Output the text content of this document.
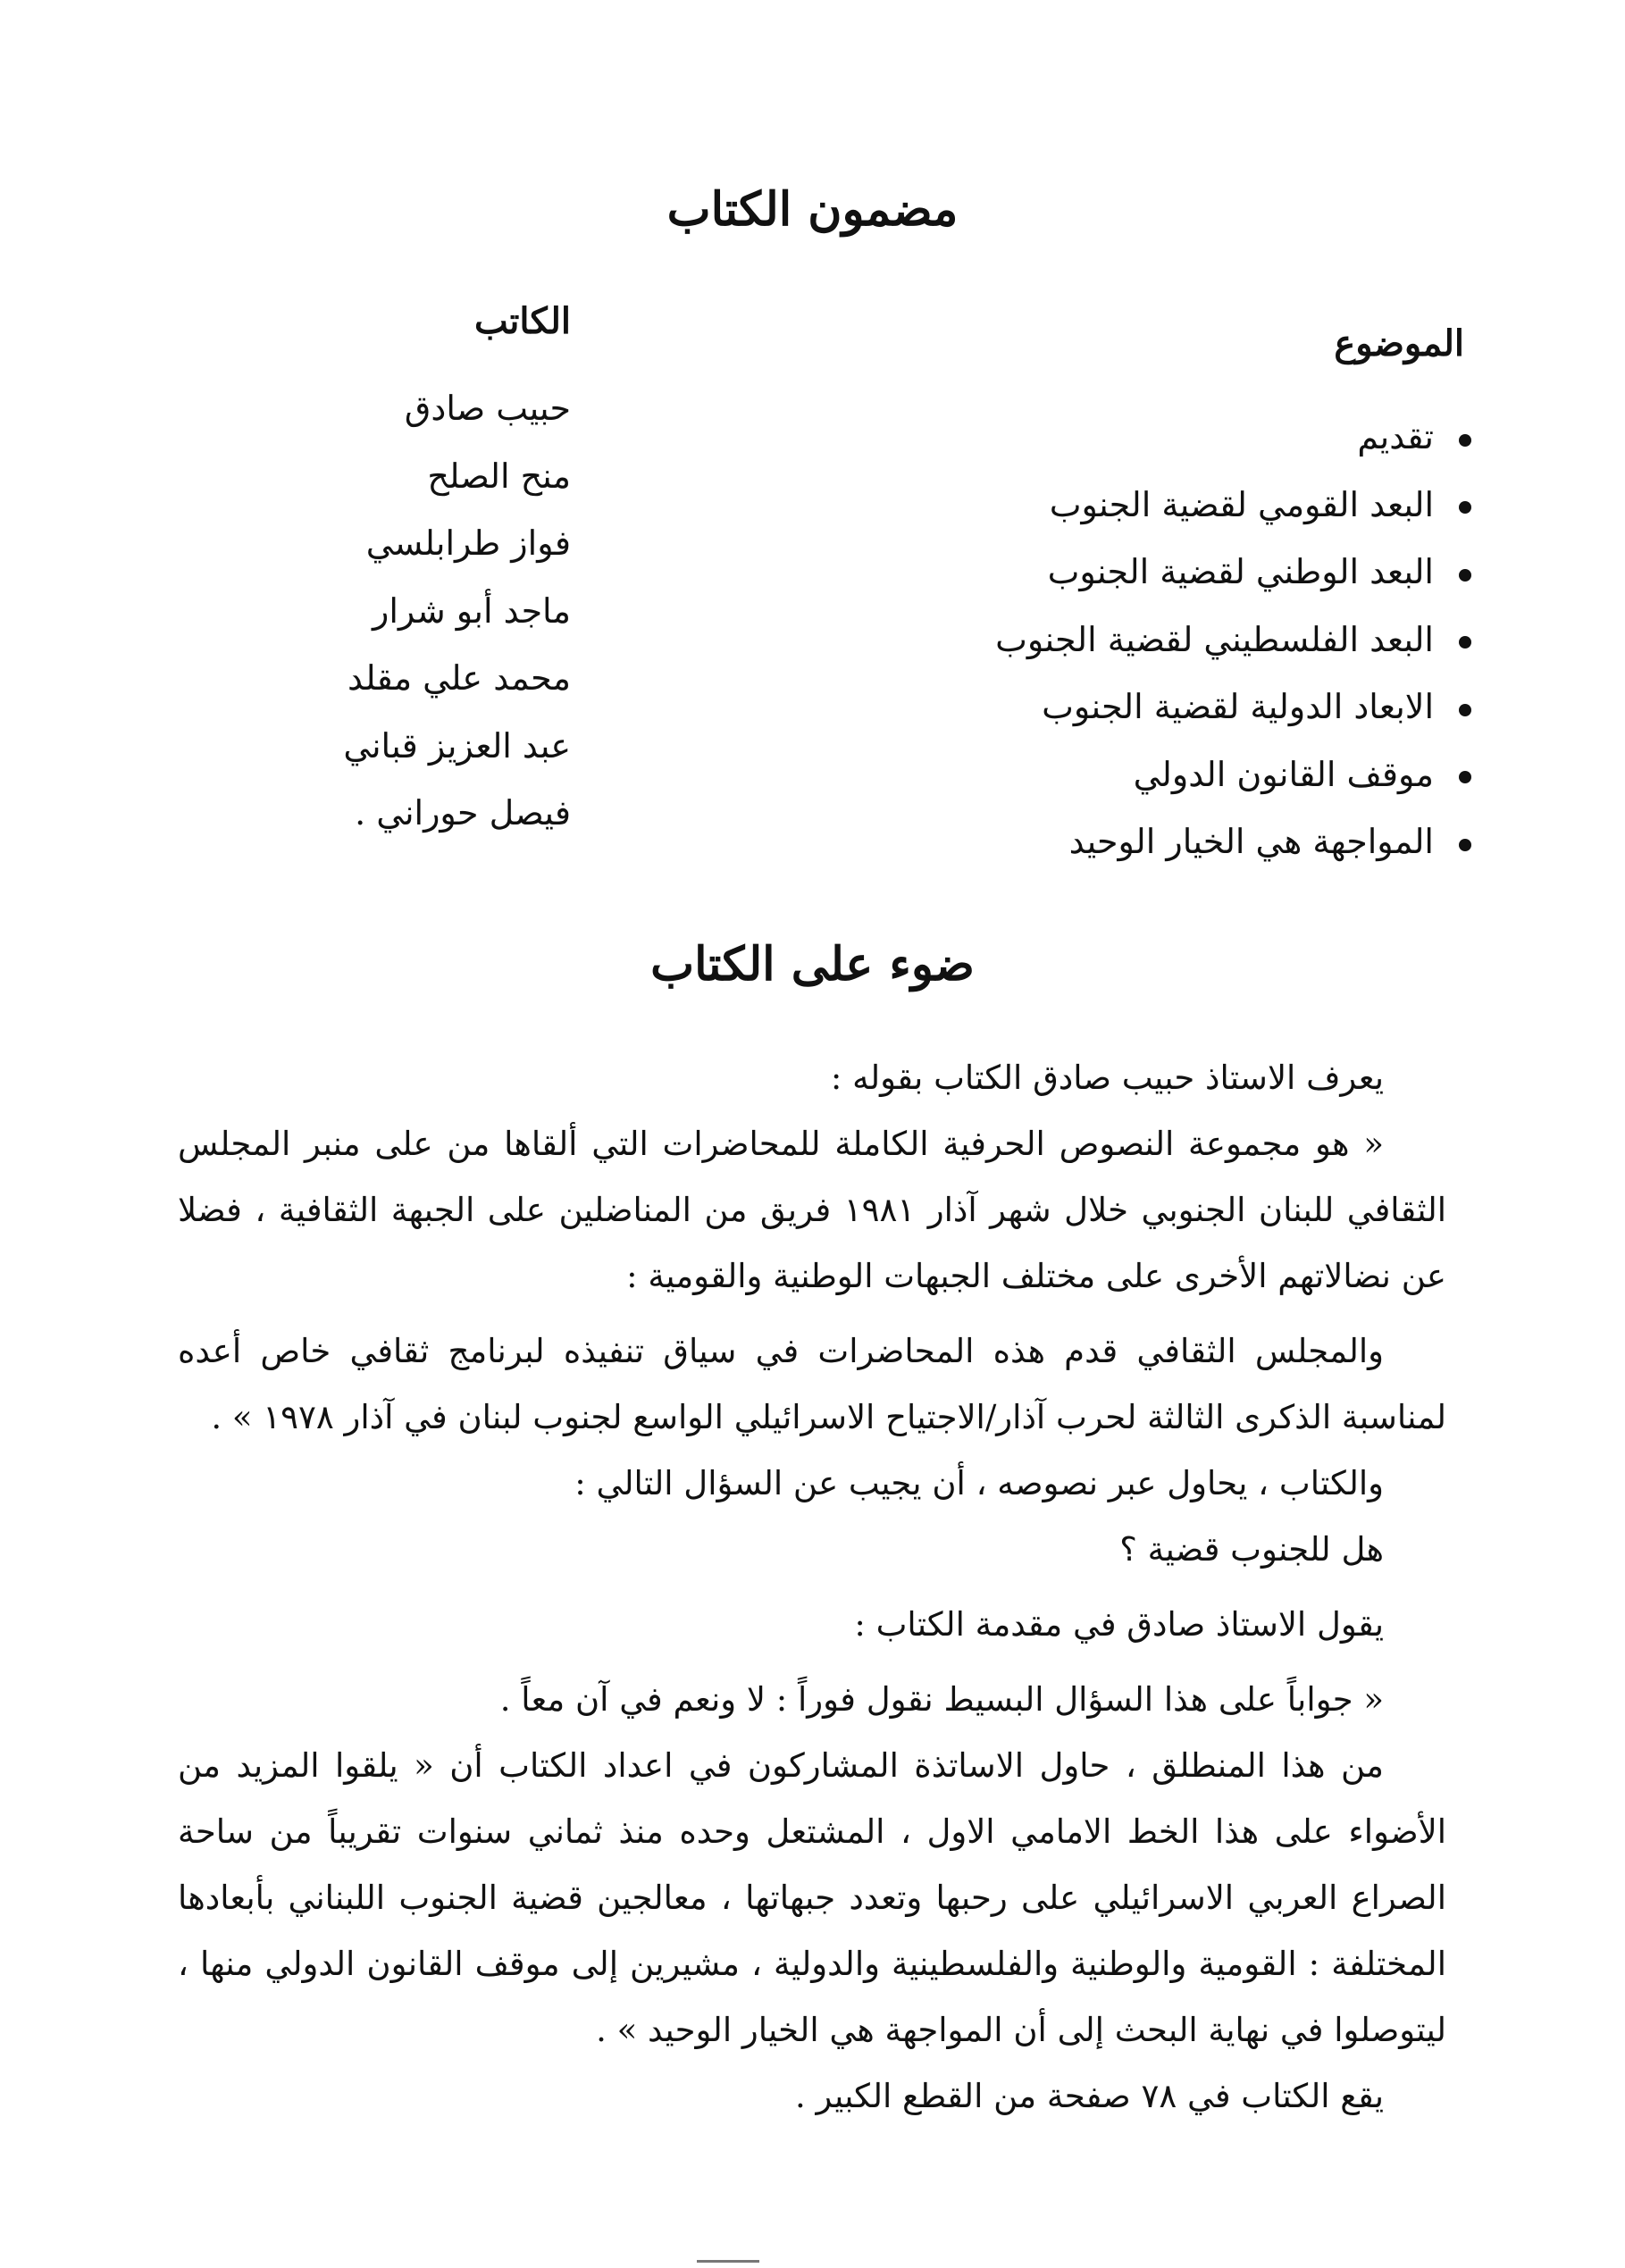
مضمون الكتاب
الموضوع
الكاتب
تقديم
البعد القومي لقضية الجنوب
البعد الوطني لقضية الجنوب
البعد الفلسطيني لقضية الجنوب
الابعاد الدولية لقضية الجنوب
موقف القانون الدولي
المواجهة هي الخيار الوحيد
حبيب صادق
منح الصلح
فواز طرابلسي
ماجد أبو شرار
محمد علي مقلد
عبد العزيز قباني
فيصل حوراني .
ضوء على الكتاب

يعرف الاستاذ حبيب صادق الكتاب بقوله :

« هو مجموعة النصوص الحرفية الكاملة للمحاضرات التي ألقاها من على منبر المجلس الثقافي للبنان الجنوبي خلال شهر آذار ١٩٨١ فريق من المناضلين على الجبهة الثقافية ، فضلا عن نضالاتهم الأخرى على مختلف الجبهات الوطنية والقومية :

والمجلس الثقافي قدم هذه المحاضرات في سياق تنفيذه لبرنامج ثقافي خاص أعده لمناسبة الذكرى الثالثة لحرب آذار/الاجتياح الاسرائيلي الواسع لجنوب لبنان في آذار ١٩٧٨ » .

والكتاب ، يحاول عبر نصوصه ، أن يجيب عن السؤال التالي :

هل للجنوب قضية ؟

يقول الاستاذ صادق في مقدمة الكتاب :

« جواباً على هذا السؤال البسيط نقول فوراً : لا ونعم في آن معاً .

من هذا المنطلق ، حاول الاساتذة المشاركون في اعداد الكتاب أن « يلقوا المزيد من الأضواء على هذا الخط الامامي الاول ، المشتعل وحده منذ ثماني سنوات تقريباً من ساحة الصراع العربي الاسرائيلي على رحبها وتعدد جبهاتها ، معالجين قضية الجنوب اللبناني بأبعادها المختلفة : القومية والوطنية والفلسطينية والدولية ، مشيرين إلى موقف القانون الدولي منها ، ليتوصلوا في نهاية البحث إلى أن المواجهة هي الخيار الوحيد » .

يقع الكتاب في ٧٨ صفحة من القطع الكبير .
